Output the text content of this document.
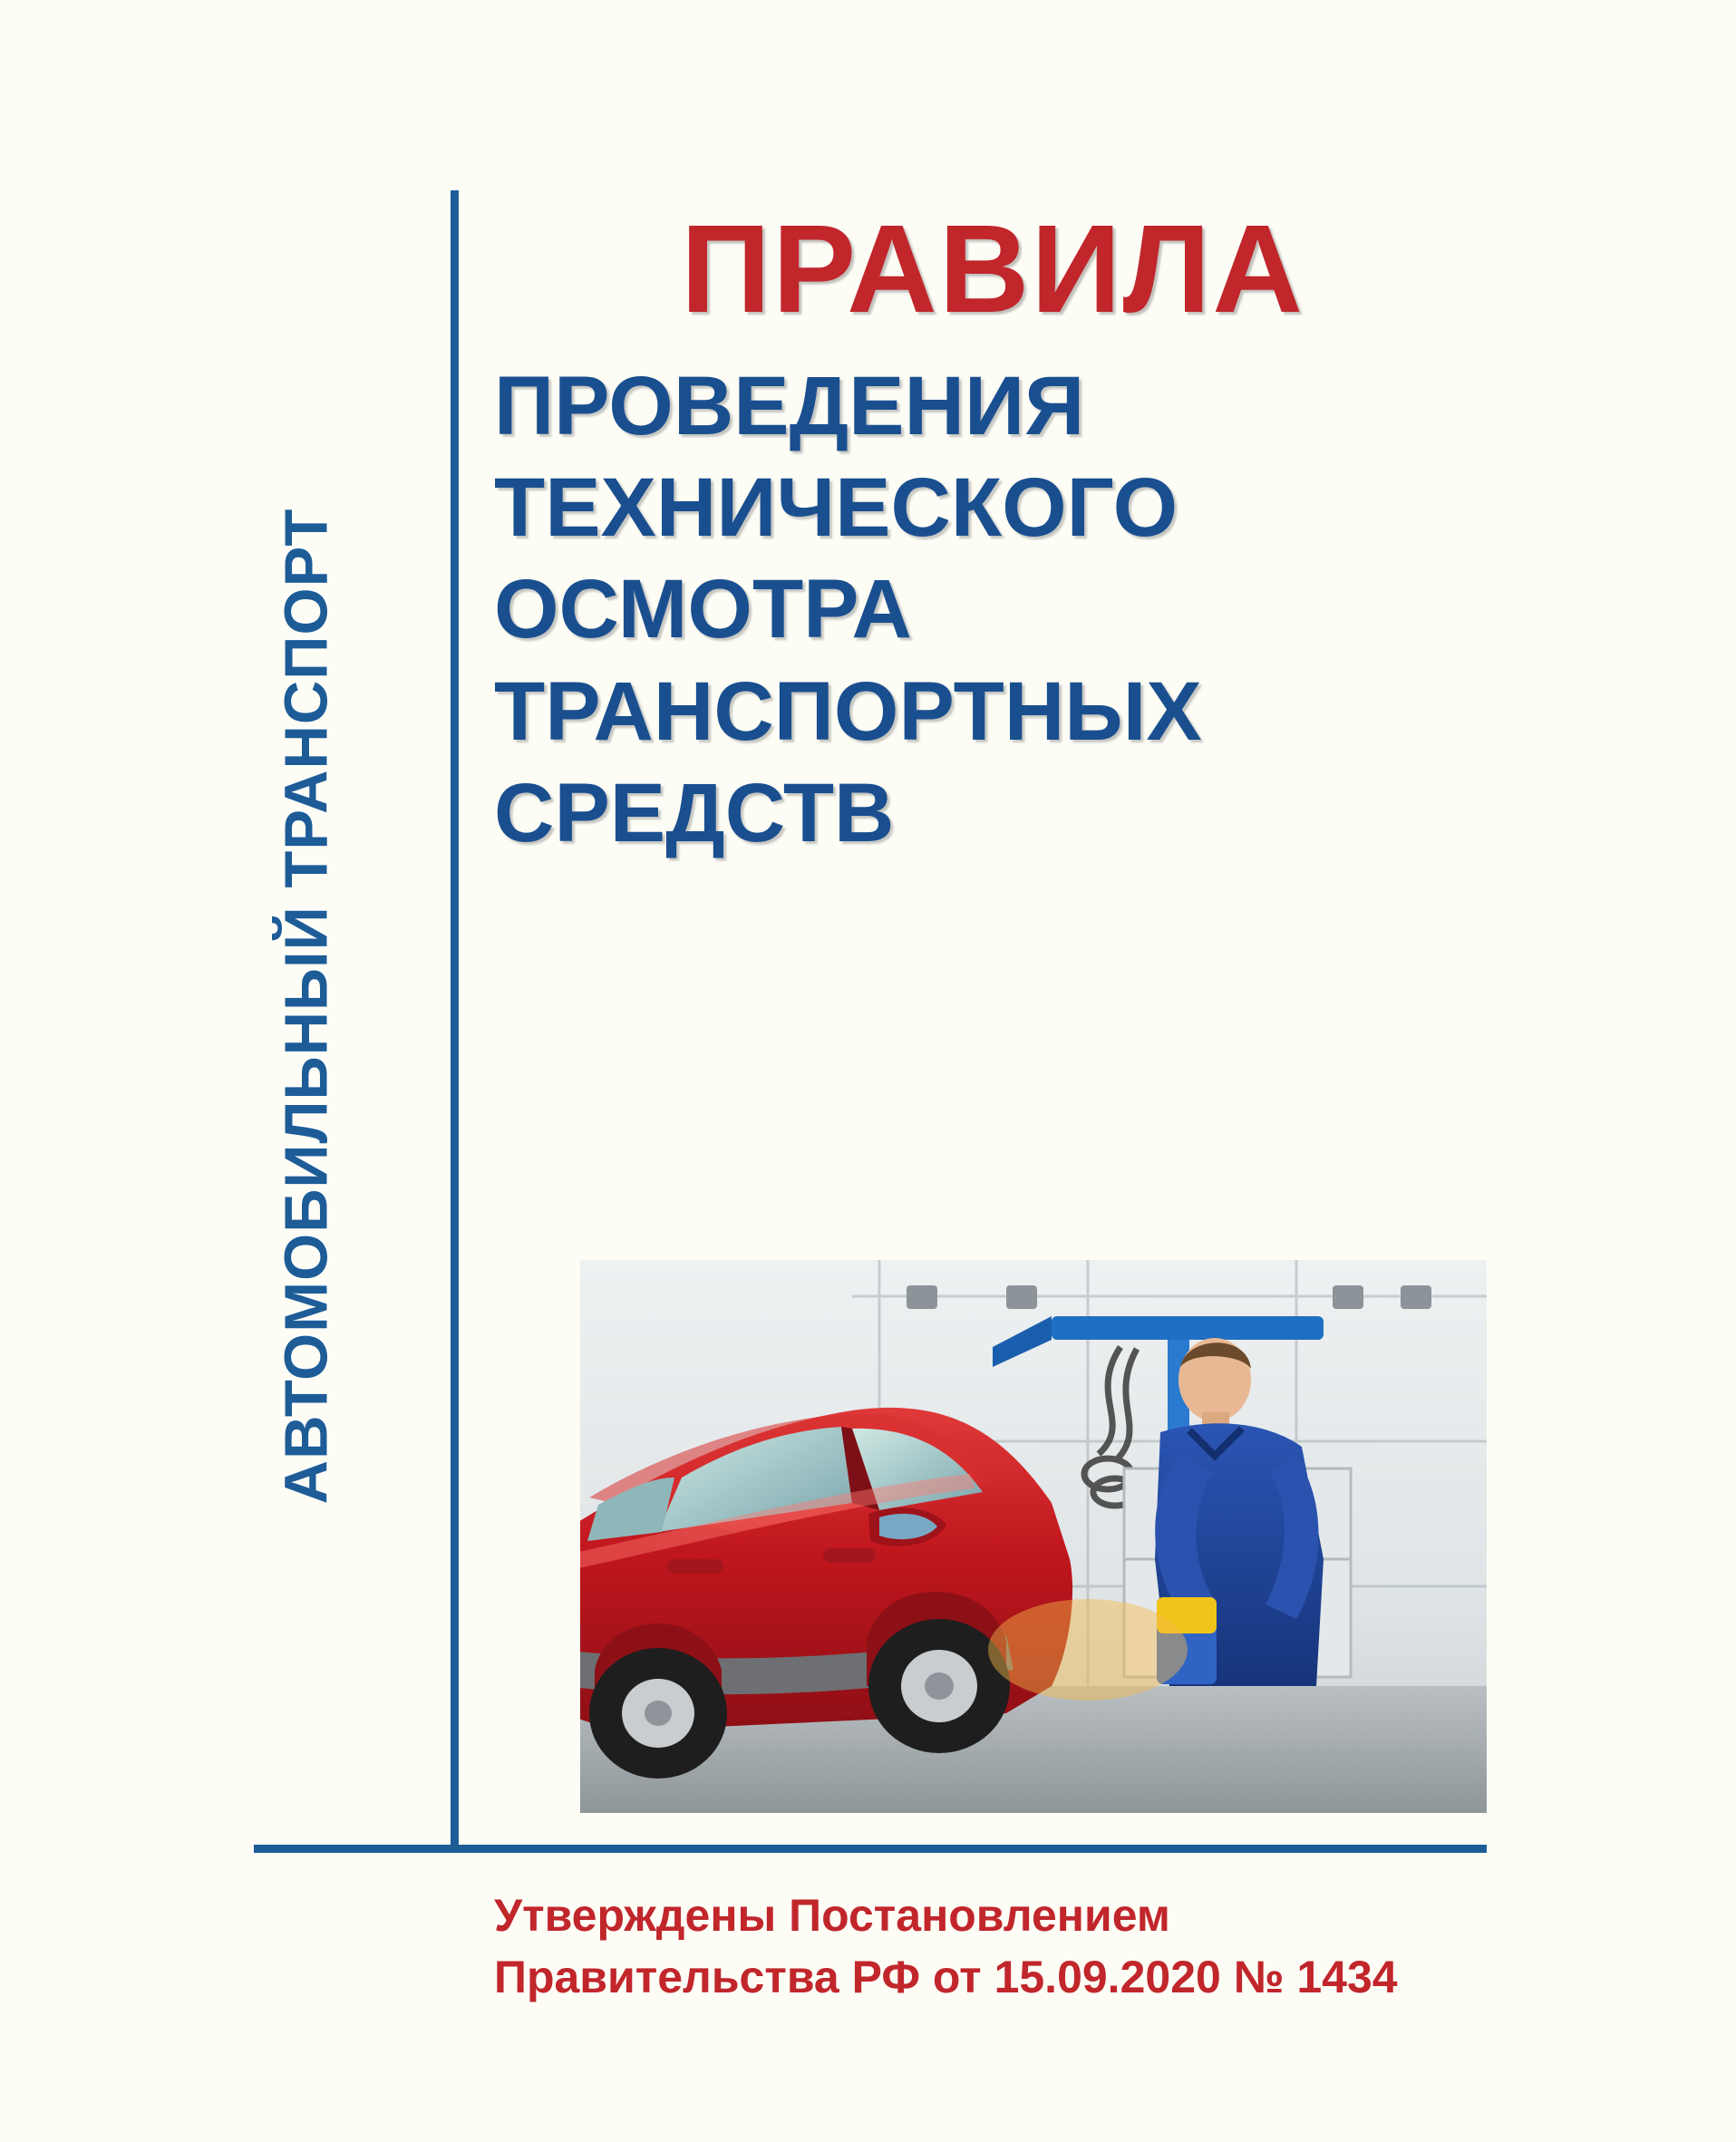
АВТОМОБИЛЬНЫЙ ТРАНСПОРТ
ПРАВИЛА
ПРОВЕДЕНИЯ
ТЕХНИЧЕСКОГО
ОСМОТРА
ТРАНСПОРТНЫХ
СРЕДСТВ
Утверждены Постановлением
Правительства РФ от 15.09.2020 № 1434
